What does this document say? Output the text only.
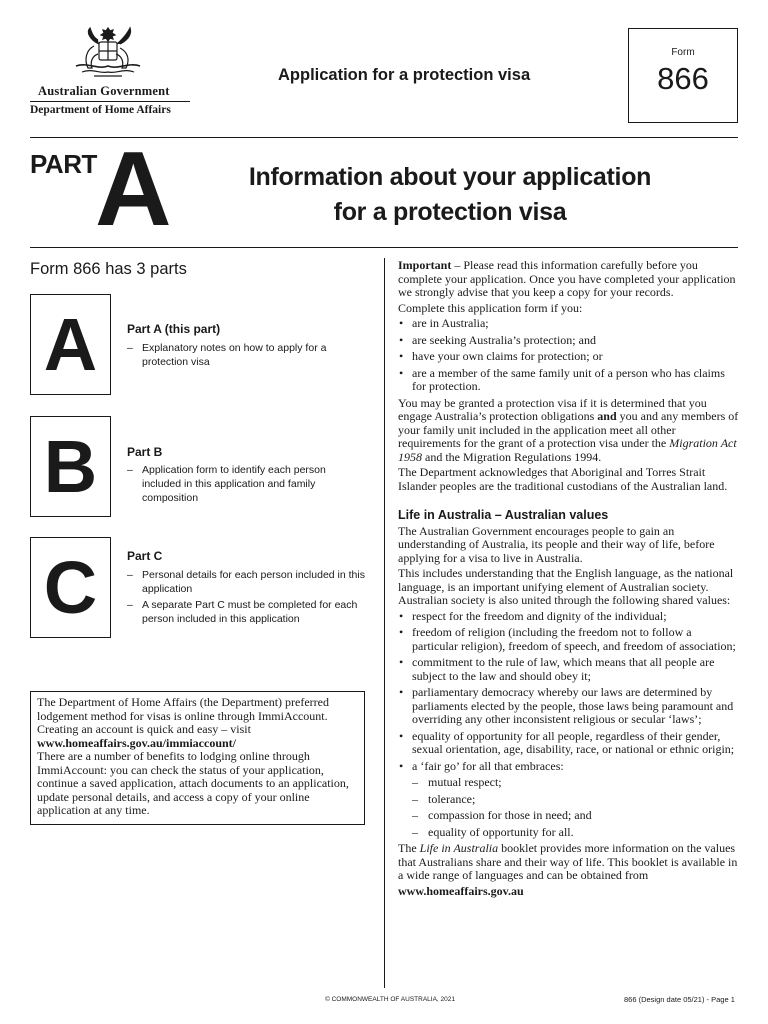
Australian Government
Department of Home Affairs
Application for a protection visa
Form
866
PART
A	Information about your application
for a protection visa
Form 866 has 3 parts
A	Part A (this part)
– Explanatory notes on how to apply for a protection visa
B	Part B
– Application form to identify each person included in this application and family composition
C	Part C
– Personal details for each person included in this application
– A separate Part C must be completed for each person included in this application

The Department of Home Affairs (the Department) preferred lodgement method for visas is online through ImmiAccount. Creating an account is quick and easy – visit

www.homeaffairs.gov.au/immiaccount/

There are a number of benefits to lodging online through ImmiAccount: you can check the status of your application, continue a saved application, attach documents to an application, update personal details, and access a copy of your online application at any time.

Important – Please read this information carefully before you complete your application. Once you have completed your application we strongly advise that you keep a copy for your records.

Complete this application form if you:

• are in Australia;
• are seeking Australia’s protection; and
• have your own claims for protection; or
• are a member of the same family unit of a person who has claims for protection.

You may be granted a protection visa if it is determined that you engage Australia’s protection obligations and you and any members of your family unit included in the application meet all other requirements for the grant of a protection visa under the Migration Act 1958 and the Migration Regulations 1994.

The Department acknowledges that Aboriginal and Torres Strait Islander peoples are the traditional custodians of the Australian land.

Life in Australia – Australian values

The Australian Government encourages people to gain an understanding of Australia, its people and their way of life, before applying for a visa to live in Australia.

This includes understanding that the English language, as the national language, is an important unifying element of Australian society. Australian society is also united through the following shared values:

• respect for the freedom and dignity of the individual;
• freedom of religion (including the freedom not to follow a particular religion), freedom of speech, and freedom of association;
• commitment to the rule of law, which means that all people are subject to the law and should obey it;
• parliamentary democracy whereby our laws are determined by parliaments elected by the people, those laws being paramount and overriding any other inconsistent religious or secular ‘laws’;
• equality of opportunity for all people, regardless of their gender, sexual orientation, age, disability, race, or national or ethnic origin;
• a ‘fair go’ for all that embraces:
– mutual respect;
– tolerance;
– compassion for those in need; and
– equality of opportunity for all.

The Life in Australia booklet provides more information on the values that Australians share and their way of life. This booklet is available in a wide range of languages and can be obtained from

www.homeaffairs.gov.au

© COMMONWEALTH OF AUSTRALIA, 2021	866 (Design date 05/21) - Page 1
